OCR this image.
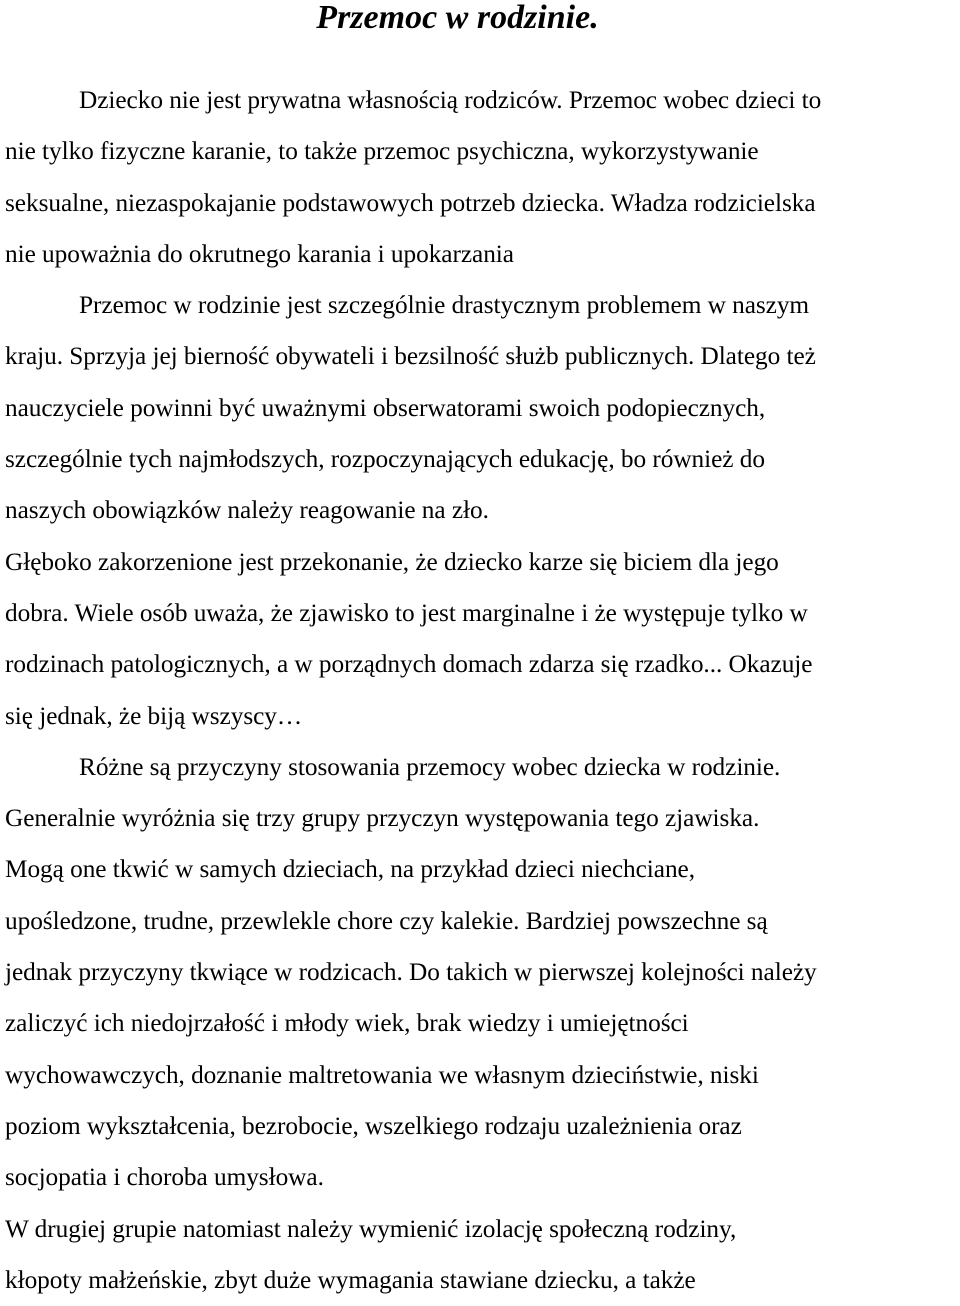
Przemoc w rodzinie.
Dziecko nie jest prywatna własnością rodziców. Przemoc wobec dzieci to
nie tylko fizyczne karanie, to także przemoc psychiczna, wykorzystywanie
seksualne, niezaspokajanie podstawowych potrzeb dziecka. Władza rodzicielska
nie upoważnia do okrutnego karania i upokarzania
Przemoc w rodzinie jest szczególnie drastycznym problemem w naszym
kraju. Sprzyja jej bierność obywateli i bezsilność służb publicznych. Dlatego też
nauczyciele powinni być uważnymi obserwatorami swoich podopiecznych,
szczególnie tych najmłodszych, rozpoczynających edukację, bo również do
naszych obowiązków należy reagowanie na zło.
Głęboko zakorzenione jest przekonanie, że dziecko karze się biciem dla jego
dobra. Wiele osób uważa, że zjawisko to jest marginalne i że występuje tylko w
rodzinach patologicznych, a w porządnych domach zdarza się rzadko... Okazuje
się jednak, że biją wszyscy…
Różne są przyczyny stosowania przemocy wobec dziecka w rodzinie.
Generalnie wyróżnia się trzy grupy przyczyn występowania tego zjawiska.
Mogą one tkwić w samych dzieciach, na przykład dzieci niechciane,
upośledzone, trudne, przewlekle chore czy kalekie. Bardziej powszechne są
jednak przyczyny tkwiące w rodzicach. Do takich w pierwszej kolejności należy
zaliczyć ich niedojrzałość i młody wiek, brak wiedzy i umiejętności
wychowawczych, doznanie maltretowania we własnym dzieciństwie, niski
poziom wykształcenia, bezrobocie, wszelkiego rodzaju uzależnienia oraz
socjopatia i choroba umysłowa.
W drugiej grupie natomiast należy wymienić izolację społeczną rodziny,
kłopoty małżeńskie, zbyt duże wymagania stawiane dziecku, a także
